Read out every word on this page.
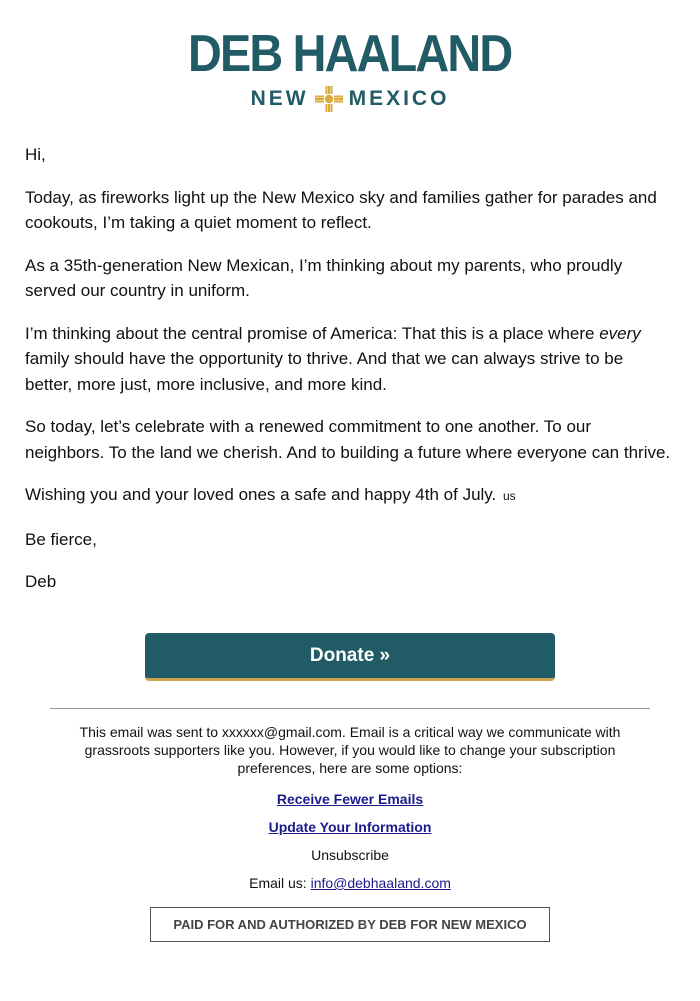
DEB HAALAND
NEW MEXICO

Hi,

Today, as fireworks light up the New Mexico sky and families gather for parades and cookouts, I’m taking a quiet moment to reflect.

As a 35th-generation New Mexican, I’m thinking about my parents, who proudly served our country in uniform.

I’m thinking about the central promise of America: That this is a place where every family should have the opportunity to thrive. And that we can always strive to be better, more just, more inclusive, and more kind.

So today, let’s celebrate with a renewed commitment to one another. To our neighbors. To the land we cherish. And to building a future where everyone can thrive.

Wishing you and your loved ones a safe and happy 4th of July. us

Be fierce,

Deb

Donate »

This email was sent to xxxxxx@gmail.com. Email is a critical way we communicate with grassroots supporters like you. However, if you would like to change your subscription preferences, here are some options:

Receive Fewer Emails
Update Your Information
Unsubscribe
Email us: info@debhaaland.com
PAID FOR AND AUTHORIZED BY DEB FOR NEW MEXICO
